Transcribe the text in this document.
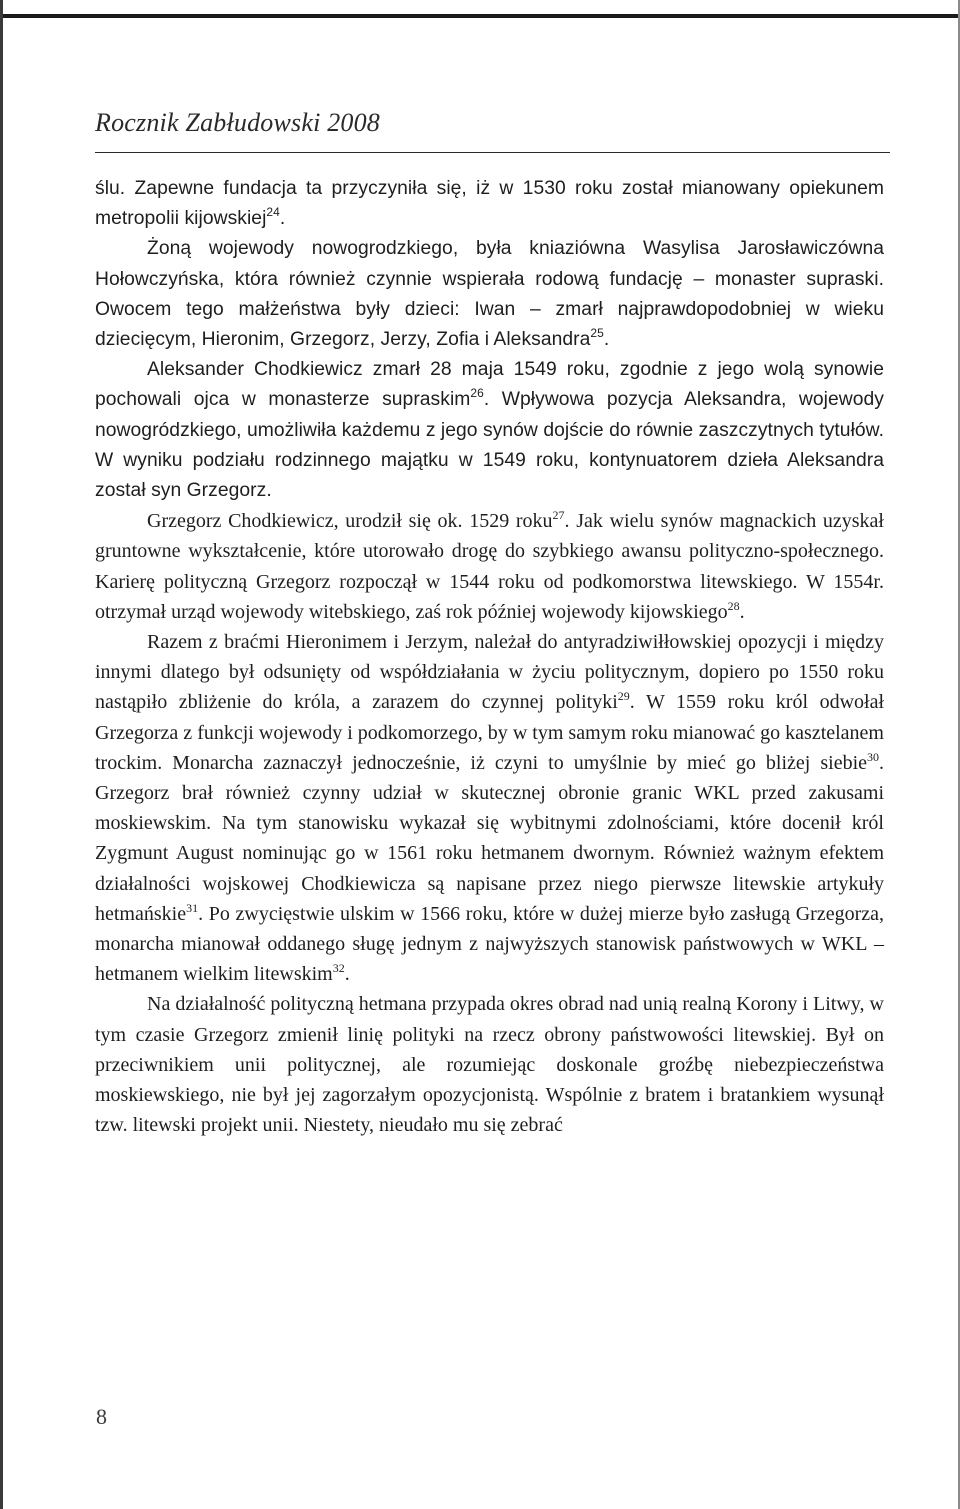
Rocznik Zabłudowski 2008

ślu. Zapewne fundacja ta przyczyniła się, iż w 1530 roku został mianowany opiekunem metropolii kijowskiej$^{24}$.

Żoną wojewody nowogrodzkiego, była kniaziówna Wasylisa Jarosławiczówna Hołowczyńska, która również czynnie wspierała rodową fundację – monaster supraski. Owocem tego małżeństwa były dzieci: Iwan – zmarł najprawdopodobniej w wieku dziecięcym, Hieronim, Grzegorz, Jerzy, Zofia i Aleksandra$^{25}$.

Aleksander Chodkiewicz zmarł 28 maja 1549 roku, zgodnie z jego wolą synowie pochowali ojca w monasterze supraskim$^{26}$. Wpływowa pozycja Aleksandra, wojewody nowogródzkiego, umożliwiła każdemu z jego synów dojście do równie zaszczytnych tytułów. W wyniku podziału rodzinnego majątku w 1549 roku, kontynuatorem dzieła Aleksandra został syn Grzegorz.

Grzegorz Chodkiewicz, urodził się ok. 1529 roku$^{27}$. Jak wielu synów magnackich uzyskał gruntowne wykształcenie, które utorowało drogę do szybkiego awansu polityczno-społecznego. Karierę polityczną Grzegorz rozpoczął w 1544 roku od podkomorstwa litewskiego. W 1554r. otrzymał urząd wojewody witebskiego, zaś rok później wojewody kijowskiego$^{28}$.

Razem z braćmi Hieronimem i Jerzym, należał do antyradziwiłłowskiej opozycji i między innymi dlatego był odsunięty od współdziałania w życiu politycznym, dopiero po 1550 roku nastąpiło zbliżenie do króla, a zarazem do czynnej polityki$^{29}$. W 1559 roku król odwołał Grzegorza z funkcji wojewody i podkomorzego, by w tym samym roku mianować go kasztelanem trockim. Monarcha zaznaczył jednocześnie, iż czyni to umyślnie by mieć go bliżej siebie$^{30}$. Grzegorz brał również czynny udział w skutecznej obronie granic WKL przed zakusami moskiewskim. Na tym stanowisku wykazał się wybitnymi zdolnościami, które docenił król Zygmunt August nominując go w 1561 roku hetmanem dwornym. Również ważnym efektem działalności wojskowej Chodkiewicza są napisane przez niego pierwsze litewskie artykuły hetmańskie$^{31}$. Po zwycięstwie ulskim w 1566 roku, które w dużej mierze było zasługą Grzegorza, monarcha mianował oddanego sługę jednym z najwyższych stanowisk państwowych w WKL – hetmanem wielkim litewskim$^{32}$.

Na działalność polityczną hetmana przypada okres obrad nad unią realną Korony i Litwy, w tym czasie Grzegorz zmienił linię polityki na rzecz obrony państwowości litewskiej. Był on przeciwnikiem unii politycznej, ale rozumiejąc doskonale groźbę niebezpieczeństwa moskiewskiego, nie był jej zagorzałym opozycjonistą. Wspólnie z bratem i bratankiem wysunął tzw. litewski projekt unii. Niestety, nieudało mu się zebrać

8
